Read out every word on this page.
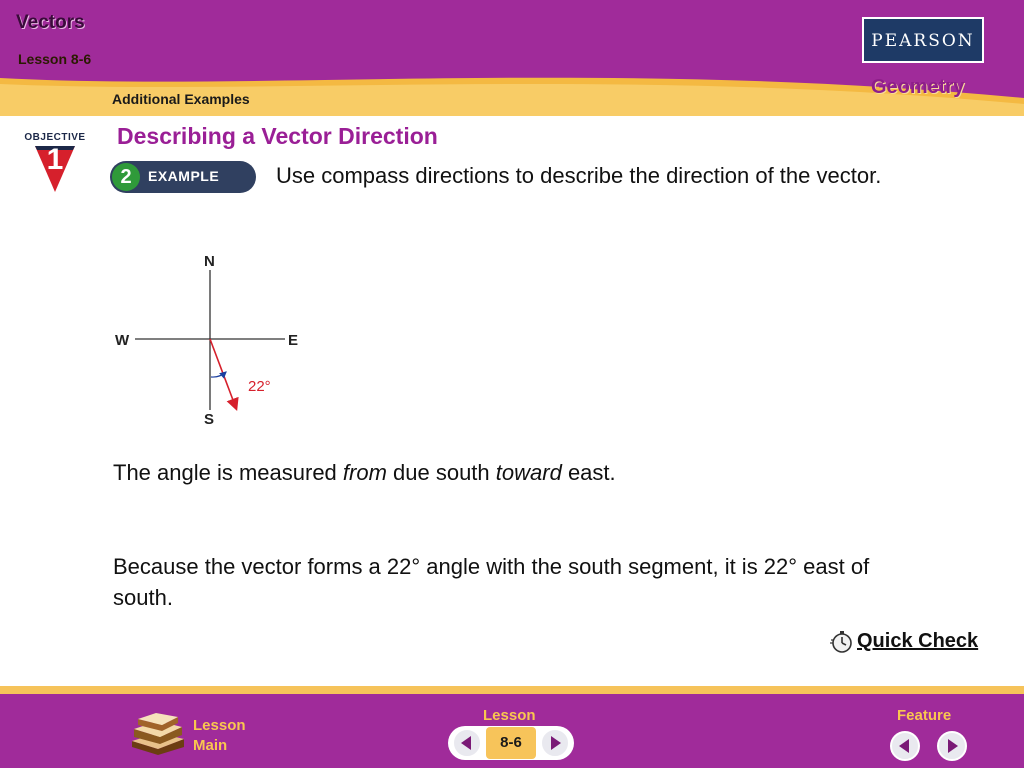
Vectors
Lesson 8-6
Additional Examples
PEARSON
Geometry
OBJECTIVE
1
2	EXAMPLE
Describing a Vector Direction
Use compass directions to describe the direction of the vector.
N
S
E
W
22°
The angle is measured from due south toward east.
Because the vector forms a 22° angle with the south segment, it is 22° east of south.
Quick Check
Lesson
Main
Lesson
8-6
Feature
